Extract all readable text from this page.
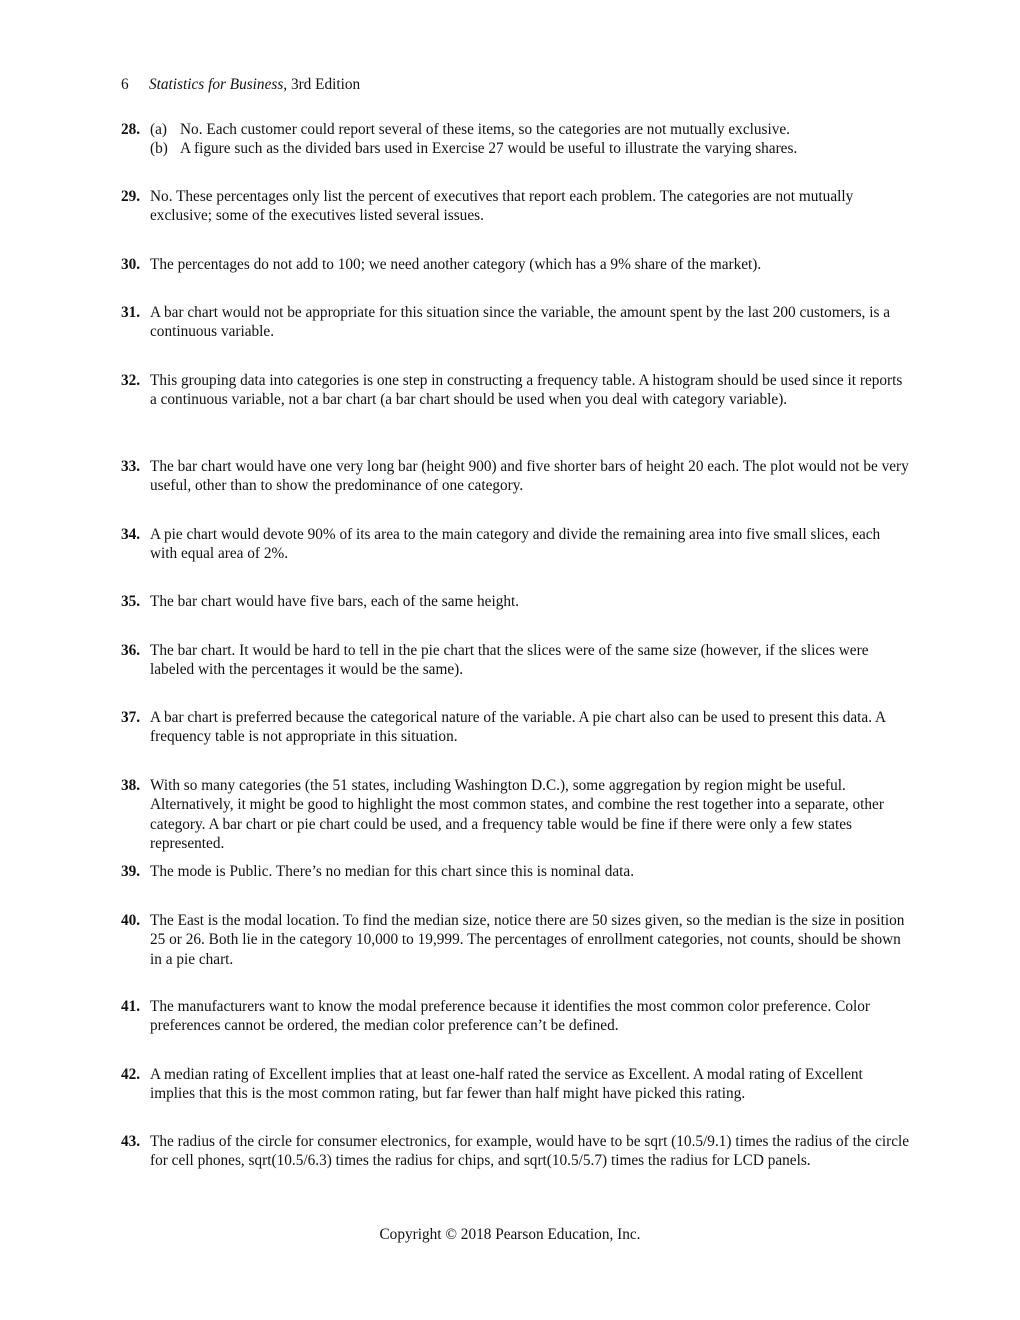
6 Statistics for Business, 3rd Edition
28. (a) No. Each customer could report several of these items, so the categories are not mutually exclusive.
(b) A figure such as the divided bars used in Exercise 27 would be useful to illustrate the varying shares.
29. No. These percentages only list the percent of executives that report each problem. The categories are not mutually exclusive; some of the executives listed several issues.
30. The percentages do not add to 100; we need another category (which has a 9% share of the market).
31. A bar chart would not be appropriate for this situation since the variable, the amount spent by the last 200 customers, is a continuous variable.
32. This grouping data into categories is one step in constructing a frequency table. A histogram should be used since it reports a continuous variable, not a bar chart (a bar chart should be used when you deal with category variable).
33. The bar chart would have one very long bar (height 900) and five shorter bars of height 20 each. The plot would not be very useful, other than to show the predominance of one category.
34. A pie chart would devote 90% of its area to the main category and divide the remaining area into five small slices, each with equal area of 2%.
35. The bar chart would have five bars, each of the same height.
36. The bar chart. It would be hard to tell in the pie chart that the slices were of the same size (however, if the slices were labeled with the percentages it would be the same).
37. A bar chart is preferred because the categorical nature of the variable. A pie chart also can be used to present this data. A frequency table is not appropriate in this situation.
38. With so many categories (the 51 states, including Washington D.C.), some aggregation by region might be useful. Alternatively, it might be good to highlight the most common states, and combine the rest together into a separate, other category. A bar chart or pie chart could be used, and a frequency table would be fine if there were only a few states represented.
39. The mode is Public. There’s no median for this chart since this is nominal data.
40. The East is the modal location. To find the median size, notice there are 50 sizes given, so the median is the size in position 25 or 26. Both lie in the category 10,000 to 19,999. The percentages of enrollment categories, not counts, should be shown in a pie chart.
41. The manufacturers want to know the modal preference because it identifies the most common color preference. Color preferences cannot be ordered, the median color preference can’t be defined.
42. A median rating of Excellent implies that at least one-half rated the service as Excellent. A modal rating of Excellent implies that this is the most common rating, but far fewer than half might have picked this rating.
43. The radius of the circle for consumer electronics, for example, would have to be sqrt (10.5/9.1) times the radius of the circle for cell phones, sqrt(10.5/6.3) times the radius for chips, and sqrt(10.5/5.7) times the radius for LCD panels.
Copyright © 2018 Pearson Education, Inc.
